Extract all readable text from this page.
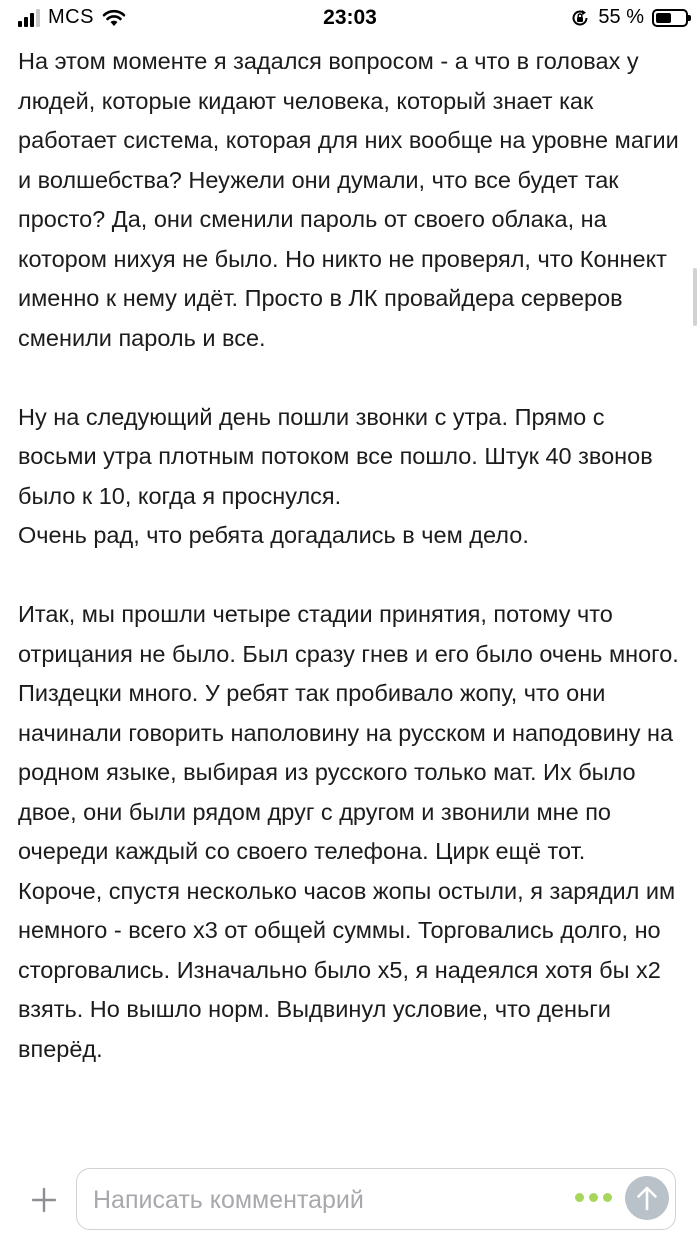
MCS	23:03	55 %

На этом моменте я задался вопросом - а что в головах у людей, которые кидают человека, который знает как работает система, которая для них вообще на уровне магии и волшебства? Неужели они думали, что все будет так просто? Да, они сменили пароль от своего облака, на котором нихуя не было. Но никто не проверял, что Коннект именно к нему идёт. Просто в ЛК провайдера серверов сменили пароль и все.

Ну на следующий день пошли звонки с утра. Прямо с восьми утра плотным потоком все пошло. Штук 40 звонов было к 10, когда я проснулся.
Очень рад, что ребята догадались в чем дело.

Итак, мы прошли четыре стадии принятия, потому что отрицания не было. Был сразу гнев и его было очень много. Пиздецки много. У ребят так пробивало жопу, что они начинали говорить наполовину на русском и наподовину на родном языке, выбирая из русского только мат. Их было двое, они были рядом друг с другом и звонили мне по очереди каждый со своего телефона. Цирк ещё тот.
Короче, спустя несколько часов жопы остыли, я зарядил им немного - всего х3 от общей суммы. Торговались долго, но сторговались. Изначально было х5, я надеялся хотя бы х2 взять. Но вышло норм. Выдвинул условие, что деньги вперёд.

Написать комментарий
